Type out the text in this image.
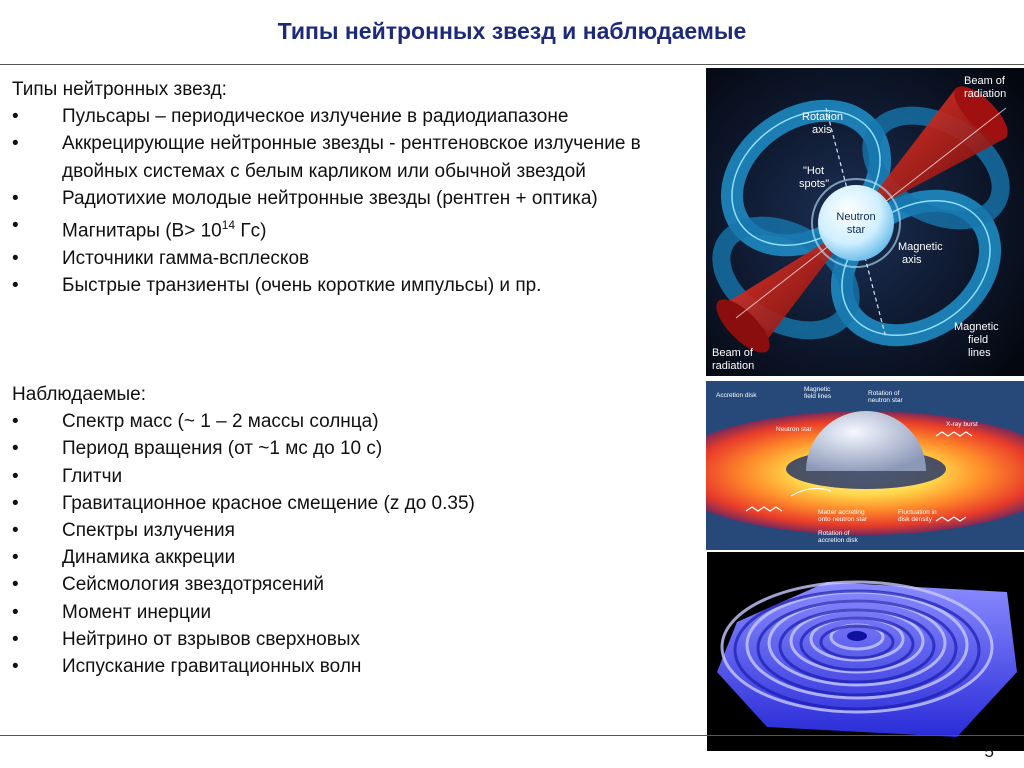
Типы нейтронных звезд и наблюдаемые

Типы нейтронных звезд:

• Пульсары – периодическое излучение в радиодиапазоне
• Аккрецирующие нейтронные звезды - рентгеновское излучение в двойных системах с белым карликом или обычной звездой
• Радиотихие молодые нейтронные звезды (рентген + оптика)
• Магнитары ($B> 10^{14}$ Гс)
• Источники гамма-всплесков
• Быстрые транзиенты (очень короткие импульсы) и пр.

Наблюдаемые:

• Спектр масс (~ 1 – 2 массы солнца)
• Период вращения (от ~1 мс до 10 с)
• Глитчи
• Гравитационное красное смещение (z до 0.35)
• Спектры излучения
• Динамика аккреции
• Сейсмология звездотрясений
• Момент инерции
• Нейтрино от взрывов сверхновых
• Испускание гравитационных волн
Beam of
radiation
Rotation
axis
"Hot
spots"
Magnetic
axis
Magnetic
field
lines
Beam of
radiation
Neutron
star
Accretion disk
Magnetic
field lines	Rotation of
neutron star
Neutron star
X-ray burst
Matter accreting
onto neutron star
Fluctuation in
disk density
Rotation of
accretion disk
5
